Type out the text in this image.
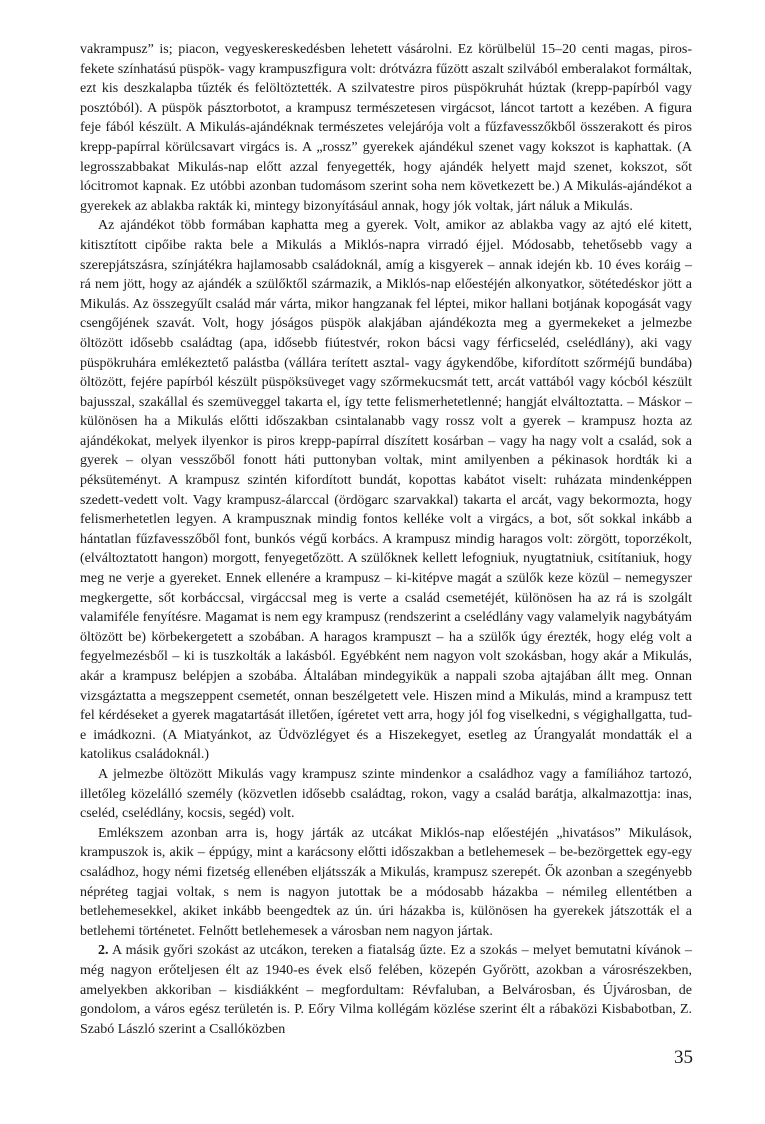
vakrampusz” is; piacon, vegyeskereskedésben lehetett vásárolni. Ez körülbelül 15–20 centi magas, piros-fekete színhatású püspök- vagy krampuszfigura volt: drótvázra fűzött aszalt szilvából emberalakot formáltak, ezt kis deszkalapba tűzték és felöltöztették. A szilvatestre piros püspökruhát húztak (krepp-papírból vagy posztóból). A püspök pásztorbotot, a krampusz természetesen virgácsot, láncot tartott a kezében. A figura feje fából készült. A Mikulás-ajándéknak természetes velejárója volt a fűzfavesszőkből összerakott és piros krepp-papírral körülcsavart virgács is. A „rossz” gyerekek ajándékul szenet vagy kokszot is kaphattak. (A legrosszabbakat Mikulás-nap előtt azzal fenyegették, hogy ajándék helyett majd szenet, kokszot, sőt lócitromot kapnak. Ez utóbbi azonban tudomásom szerint soha nem következett be.) A Mikulás-ajándékot a gyerekek az ablakba rakták ki, mintegy bizonyításául annak, hogy jók voltak, járt náluk a Mikulás.

Az ajándékot több formában kaphatta meg a gyerek. Volt, amikor az ablakba vagy az ajtó elé kitett, kitisztított cipőibe rakta bele a Mikulás a Miklós-napra virradó éjjel. Módosabb, tehetősebb vagy a szerepjátszásra, színjátékra hajlamosabb családoknál, amíg a kisgyerek – annak idején kb. 10 éves koráig – rá nem jött, hogy az ajándék a szülőktől származik, a Miklós-nap előestéjén alkonyatkor, sötétedéskor jött a Mikulás. Az összegyűlt család már várta, mikor hangzanak fel léptei, mikor hallani botjának kopogását vagy csengőjének szavát. Volt, hogy jóságos püspök alakjában ajándékozta meg a gyermekeket a jelmezbe öltözött idősebb családtag (apa, idősebb fiútestvér, rokon bácsi vagy férficseléd, cselédlány), aki vagy püspökruhára emlékeztető palástba (vállára terített asztal- vagy ágykendőbe, kifordított szőrméjű bundába) öltözött, fejére papírból készült püspöksüveget vagy szőrmekucsmát tett, arcát vattából vagy kócból készült bajusszal, szakállal és szemüveggel takarta el, így tette felismerhetetlenné; hangját elváltoztatta. – Máskor – különösen ha a Mikulás előtti időszakban csintalanabb vagy rossz volt a gyerek – krampusz hozta az ajándékokat, melyek ilyenkor is piros krepp-papírral díszített kosárban – vagy ha nagy volt a család, sok a gyerek – olyan vesszőből fonott háti puttonyban voltak, mint amilyenben a pékinasok hordták ki a péksüteményt. A krampusz szintén kifordított bundát, kopottas kabátot viselt: ruházata mindenképpen szedett-vedett volt. Vagy krampusz-álarccal (ördögarc szarvakkal) takarta el arcát, vagy bekormozta, hogy felismerhetetlen legyen. A krampusznak mindig fontos kelléke volt a virgács, a bot, sőt sokkal inkább a hántatlan fűzfavesszőből font, bunkós végű korbács. A krampusz mindig haragos volt: zörgött, toporzékolt, (elváltoztatott hangon) morgott, fenyegetőzött. A szülőknek kellett lefogniuk, nyugtatniuk, csitítaniuk, hogy meg ne verje a gyereket. Ennek ellenére a krampusz – ki-kitépve magát a szülők keze közül – nemegyszer megkergette, sőt korbáccsal, virgáccsal meg is verte a család csemetéjét, különösen ha az rá is szolgált valamiféle fenyítésre. Magamat is nem egy krampusz (rendszerint a cselédlány vagy valamelyik nagybátyám öltözött be) körbekergetett a szobában. A haragos krampuszt – ha a szülők úgy érezték, hogy elég volt a fegyelmezésből – ki is tuszkolták a lakásból. Egyébként nem nagyon volt szokásban, hogy akár a Mikulás, akár a krampusz belépjen a szobába. Általában mindegyikük a nappali szoba ajtajában állt meg. Onnan vizsgáztatta a megszeppent csemetét, onnan beszélgetett vele. Hiszen mind a Mikulás, mind a krampusz tett fel kérdéseket a gyerek magatartását illetően, ígéretet vett arra, hogy jól fog viselkedni, s végighallgatta, tud-e imádkozni. (A Miatyánkot, az Üdvözlégyet és a Hiszekegyet, esetleg az Úrangyalát mondatták el a katolikus családoknál.)

A jelmezbe öltözött Mikulás vagy krampusz szinte mindenkor a családhoz vagy a famíliához tartozó, illetőleg közelálló személy (közvetlen idősebb családtag, rokon, vagy a család barátja, alkalmazottja: inas, cseléd, cselédlány, kocsis, segéd) volt.

Emlékszem azonban arra is, hogy járták az utcákat Miklós-nap előestéjén „hivatásos” Mikulások, krampuszok is, akik – éppúgy, mint a karácsony előtti időszakban a betlehemesek – be-bezörgettek egy-egy családhoz, hogy némi fizetség ellenében eljátsszák a Mikulás, krampusz szerepét. Ők azonban a szegényebb népréteg tagjai voltak, s nem is nagyon jutottak be a módosabb házakba – némileg ellentétben a betlehemesekkel, akiket inkább beengedtek az ún. úri házakba is, különösen ha gyerekek játszották el a betlehemi történetet. Felnőtt betlehemesek a városban nem nagyon jártak.

2. A másik győri szokást az utcákon, tereken a fiatalság űzte. Ez a szokás – melyet bemutatni kívánok – még nagyon erőteljesen élt az 1940-es évek első felében, közepén Győrött, azokban a városrészekben, amelyekben akkoriban – kisdiákként – megfordultam: Révfaluban, a Belvárosban, és Újvárosban, de gondolom, a város egész területén is. P. Eőry Vilma kollégám közlése szerint élt a rábaközi Kisbabotban, Z. Szabó László szerint a Csallóközben

35
